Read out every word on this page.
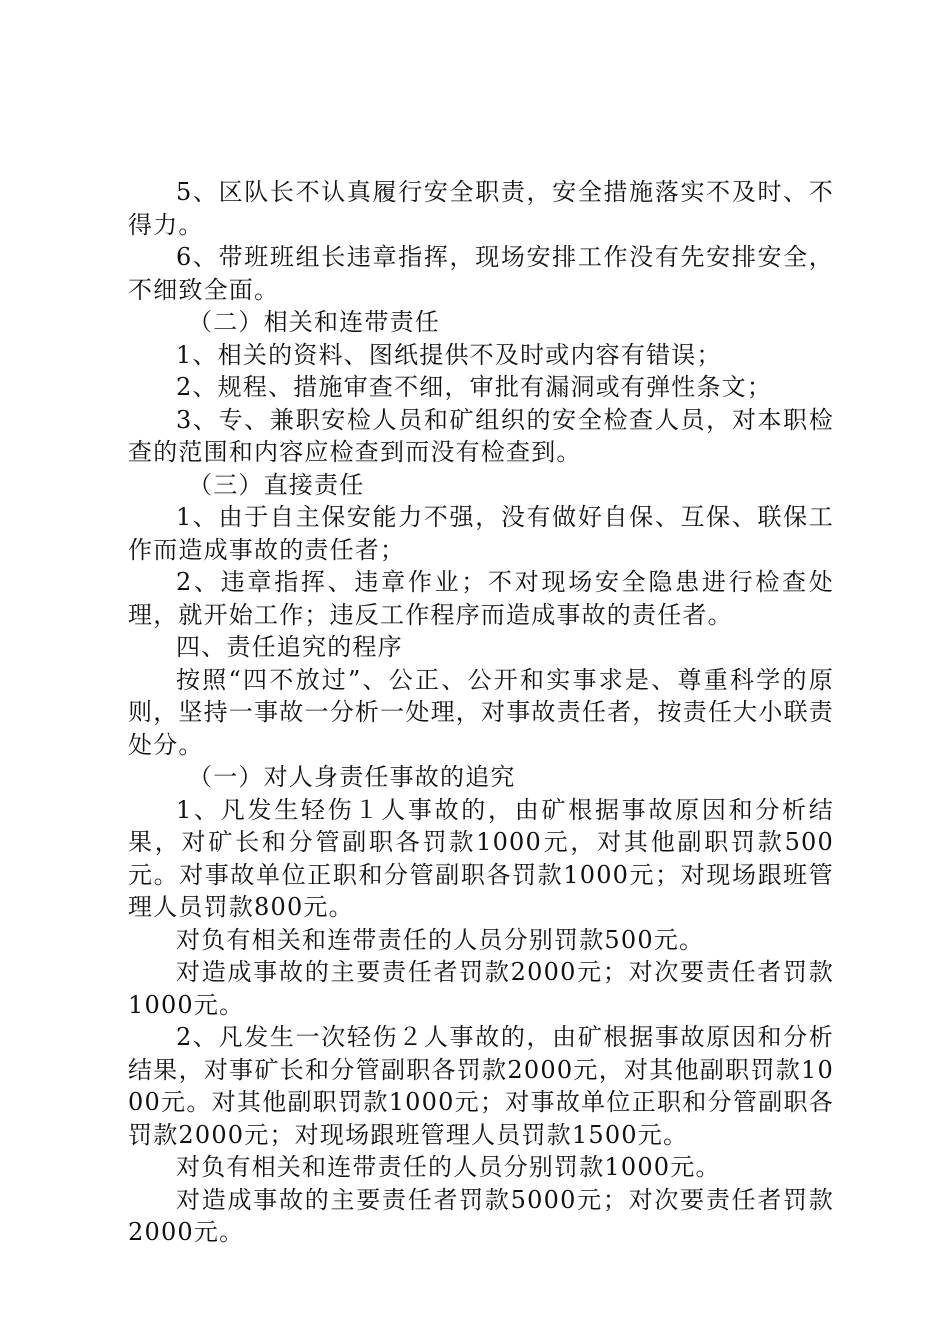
5、区队长不认真履行安全职责，安全措施落实不及时、不得力。

6、带班班组长违章指挥，现场安排工作没有先安排安全，不细致全面。

（二）相关和连带责任

1、相关的资料、图纸提供不及时或内容有错误；

2、规程、措施审查不细，审批有漏洞或有弹性条文；

3、专、兼职安检人员和矿组织的安全检查人员，对本职检查的范围和内容应检查到而没有检查到。

（三）直接责任

1、由于自主保安能力不强，没有做好自保、互保、联保工作而造成事故的责任者；

2、违章指挥、违章作业；不对现场安全隐患进行检查处理，就开始工作；违反工作程序而造成事故的责任者。

四、责任追究的程序

按照“四不放过”、公正、公开和实事求是、尊重科学的原则，坚持一事故一分析一处理，对事故责任者，按责任大小联责处分。

（一）对人身责任事故的追究

1、凡发生轻伤１人事故的，由矿根据事故原因和分析结果，对矿长和分管副职各罚款1000元，对其他副职罚款500元。对事故单位正职和分管副职各罚款1000元；对现场跟班管理人员罚款800元。

对负有相关和连带责任的人员分别罚款500元。

对造成事故的主要责任者罚款2000元；对次要责任者罚款1000元。

2、凡发生一次轻伤２人事故的，由矿根据事故原因和分析结果，对事矿长和分管副职各罚款2000元，对其他副职罚款1000元。对其他副职罚款1000元；对事故单位正职和分管副职各罚款2000元；对现场跟班管理人员罚款1500元。

对负有相关和连带责任的人员分别罚款1000元。

对造成事故的主要责任者罚款5000元；对次要责任者罚款2000元。
